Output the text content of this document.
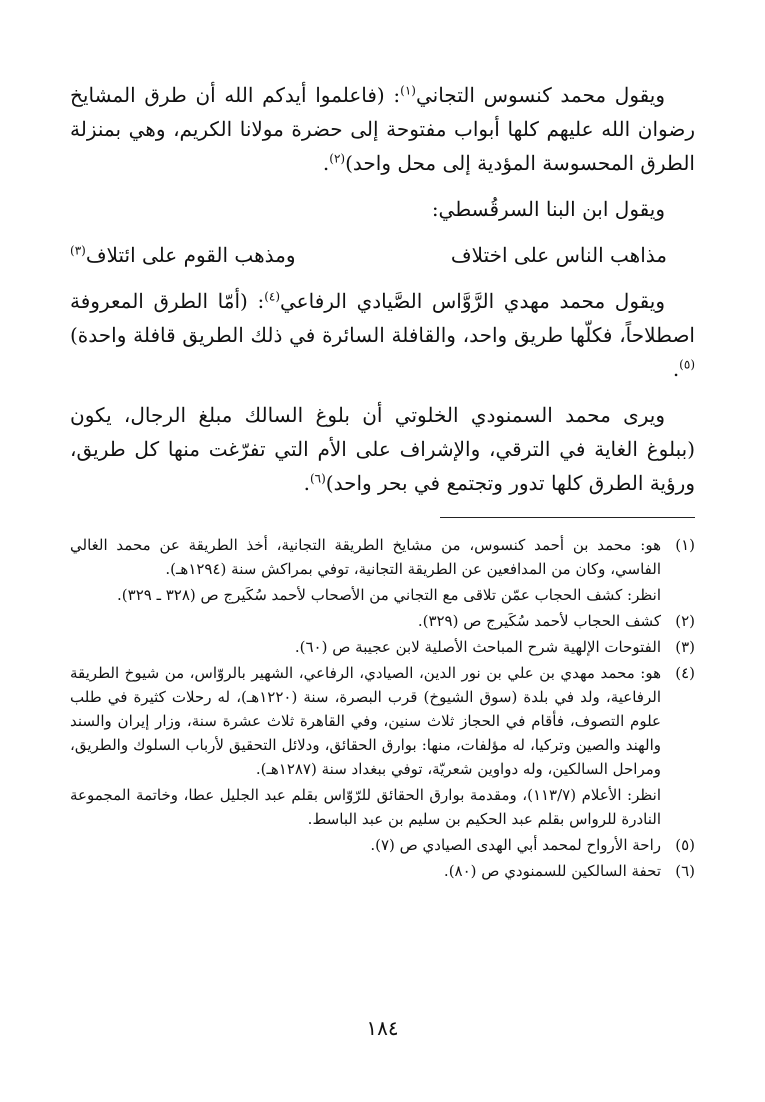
ويقول محمد كنسوس التجاني$^{(١)}$: (فاعلموا أيدكم الله أن طرق المشايخ رضوان الله عليهم كلها أبواب مفتوحة إلى حضرة مولانا الكريم، وهي بمنزلة الطرق المحسوسة المؤدية إلى محل واحد)$^{(٢)}$.

ويقول ابن البنا السرقُسطي:

مذاهب الناس على اختلاف
ومذهب القوم على ائتلاف$^{(٣)}$

ويقول محمد مهدي الرَّوَّاس الصَّيادي الرفاعي$^{(٤)}$: (أمّا الطرق المعروفة اصطلاحاً، فكلّها طريق واحد، والقافلة السائرة في ذلك الطريق قافلة واحدة)$^{(٥)}$.

ويرى محمد السمنودي الخلوتي أن بلوغ السالك مبلغ الرجال، يكون (ببلوغ الغاية في الترقي، والإشراف على الأم التي تفرّغت منها كل طريق، ورؤية الطرق كلها تدور وتجتمع في بحر واحد)$^{(٦)}$.

(١)
هو: محمد بن أحمد كنسوس، من مشايخ الطريقة التجانية، أخذ الطريقة عن محمد الغالي الفاسي، وكان من المدافعين عن الطريقة التجانية، توفي بمراكش سنة (١٢٩٤هـ).
انظر: كشف الحجاب عمّن تلاقى مع التجاني من الأصحاب لأحمد سُكَيرج ص (٣٢٨ ـ ٣٢٩).
(٢)
كشف الحجاب لأحمد سُكَيرج ص (٣٢٩).
(٣)
الفتوحات الإلهية شرح المباحث الأصلية لابن عجيبة ص (٦٠).
(٤)
هو: محمد مهدي بن علي بن نور الدين، الصيادي، الرفاعي، الشهير بالروّاس، من شيوخ الطريقة الرفاعية، ولد في بلدة (سوق الشيوخ) قرب البصرة، سنة (١٢٢٠هـ)، له رحلات كثيرة في طلب علوم التصوف، فأقام في الحجاز ثلاث سنين، وفي القاهرة ثلاث عشرة سنة، وزار إيران والسند والهند والصين وتركيا، له مؤلفات، منها: بوارق الحقائق، ودلائل التحقيق لأرباب السلوك والطريق، ومراحل السالكين، وله دواوين شعريّة، توفي ببغداد سنة (١٢٨٧هـ).
انظر: الأعلام (١١٣/٧)، ومقدمة بوارق الحقائق للرّوّاس بقلم عبد الجليل عطا، وخاتمة المجموعة النادرة للرواس بقلم عبد الحكيم بن سليم بن عبد الباسط.
(٥)
راحة الأرواح لمحمد أبي الهدى الصيادي ص (٧).
(٦)
تحفة السالكين للسمنودي ص (٨٠).
١٨٤
